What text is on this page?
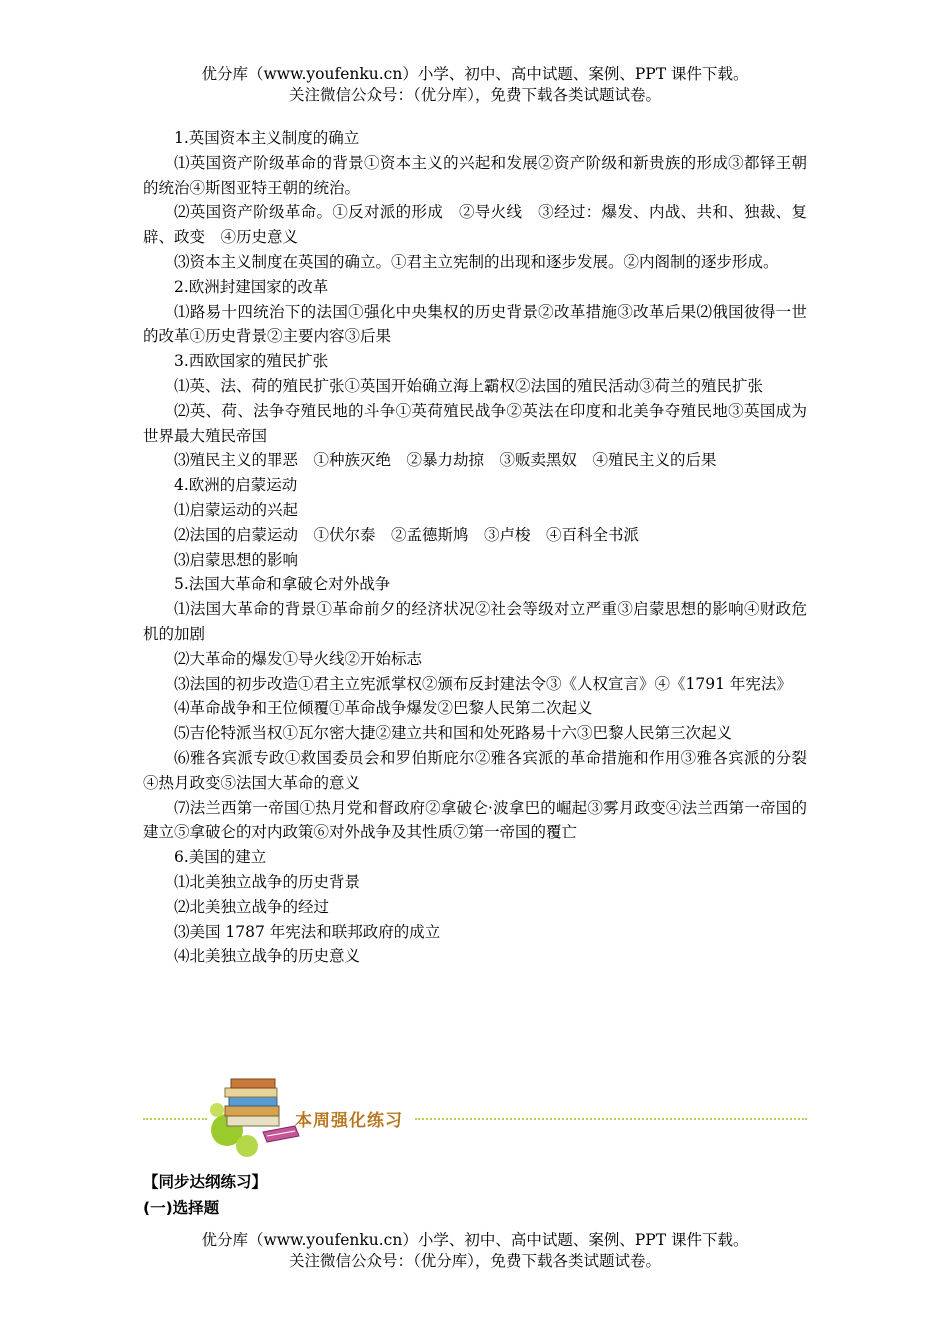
优分库（www.youfenku.cn）小学、初中、高中试题、案例、PPT 课件下载。
关注微信公众号：（优分库），免费下载各类试题试卷。

1.英国资本主义制度的确立

⑴英国资产阶级革命的背景①资本主义的兴起和发展②资产阶级和新贵族的形成③都铎王朝的统治④斯图亚特王朝的统治。

⑵英国资产阶级革命。①反对派的形成　②导火线　③经过：爆发、内战、共和、独裁、复辟、政变　④历史意义

⑶资本主义制度在英国的确立。①君主立宪制的出现和逐步发展。②内阁制的逐步形成。

2.欧洲封建国家的改革

⑴路易十四统治下的法国①强化中央集权的历史背景②改革措施③改革后果⑵俄国彼得一世的改革①历史背景②主要内容③后果

3.西欧国家的殖民扩张

⑴英、法、荷的殖民扩张①英国开始确立海上霸权②法国的殖民活动③荷兰的殖民扩张

⑵英、荷、法争夺殖民地的斗争①英荷殖民战争②英法在印度和北美争夺殖民地③英国成为世界最大殖民帝国

⑶殖民主义的罪恶　①种族灭绝　②暴力劫掠　③贩卖黑奴　④殖民主义的后果

4.欧洲的启蒙运动

⑴启蒙运动的兴起

⑵法国的启蒙运动　①伏尔泰　②孟德斯鸠　③卢梭　④百科全书派

⑶启蒙思想的影响

5.法国大革命和拿破仑对外战争

⑴法国大革命的背景①革命前夕的经济状况②社会等级对立严重③启蒙思想的影响④财政危机的加剧

⑵大革命的爆发①导火线②开始标志

⑶法国的初步改造①君主立宪派掌权②颁布反封建法令③《人权宣言》④《1791 年宪法》

⑷革命战争和王位倾覆①革命战争爆发②巴黎人民第二次起义

⑸吉伦特派当权①瓦尔密大捷②建立共和国和处死路易十六③巴黎人民第三次起义

⑹雅各宾派专政①救国委员会和罗伯斯庇尔②雅各宾派的革命措施和作用③雅各宾派的分裂④热月政变⑤法国大革命的意义

⑺法兰西第一帝国①热月党和督政府②拿破仑·波拿巴的崛起③雾月政变④法兰西第一帝国的建立⑤拿破仑的对内政策⑥对外战争及其性质⑦第一帝国的覆亡

6.美国的建立

⑴北美独立战争的历史背景

⑵北美独立战争的经过

⑶美国 1787 年宪法和联邦政府的成立

⑷北美独立战争的历史意义

本周强化练习
【同步达纲练习】
(一)选择题
优分库（www.youfenku.cn）小学、初中、高中试题、案例、PPT 课件下载。
关注微信公众号：（优分库），免费下载各类试题试卷。
